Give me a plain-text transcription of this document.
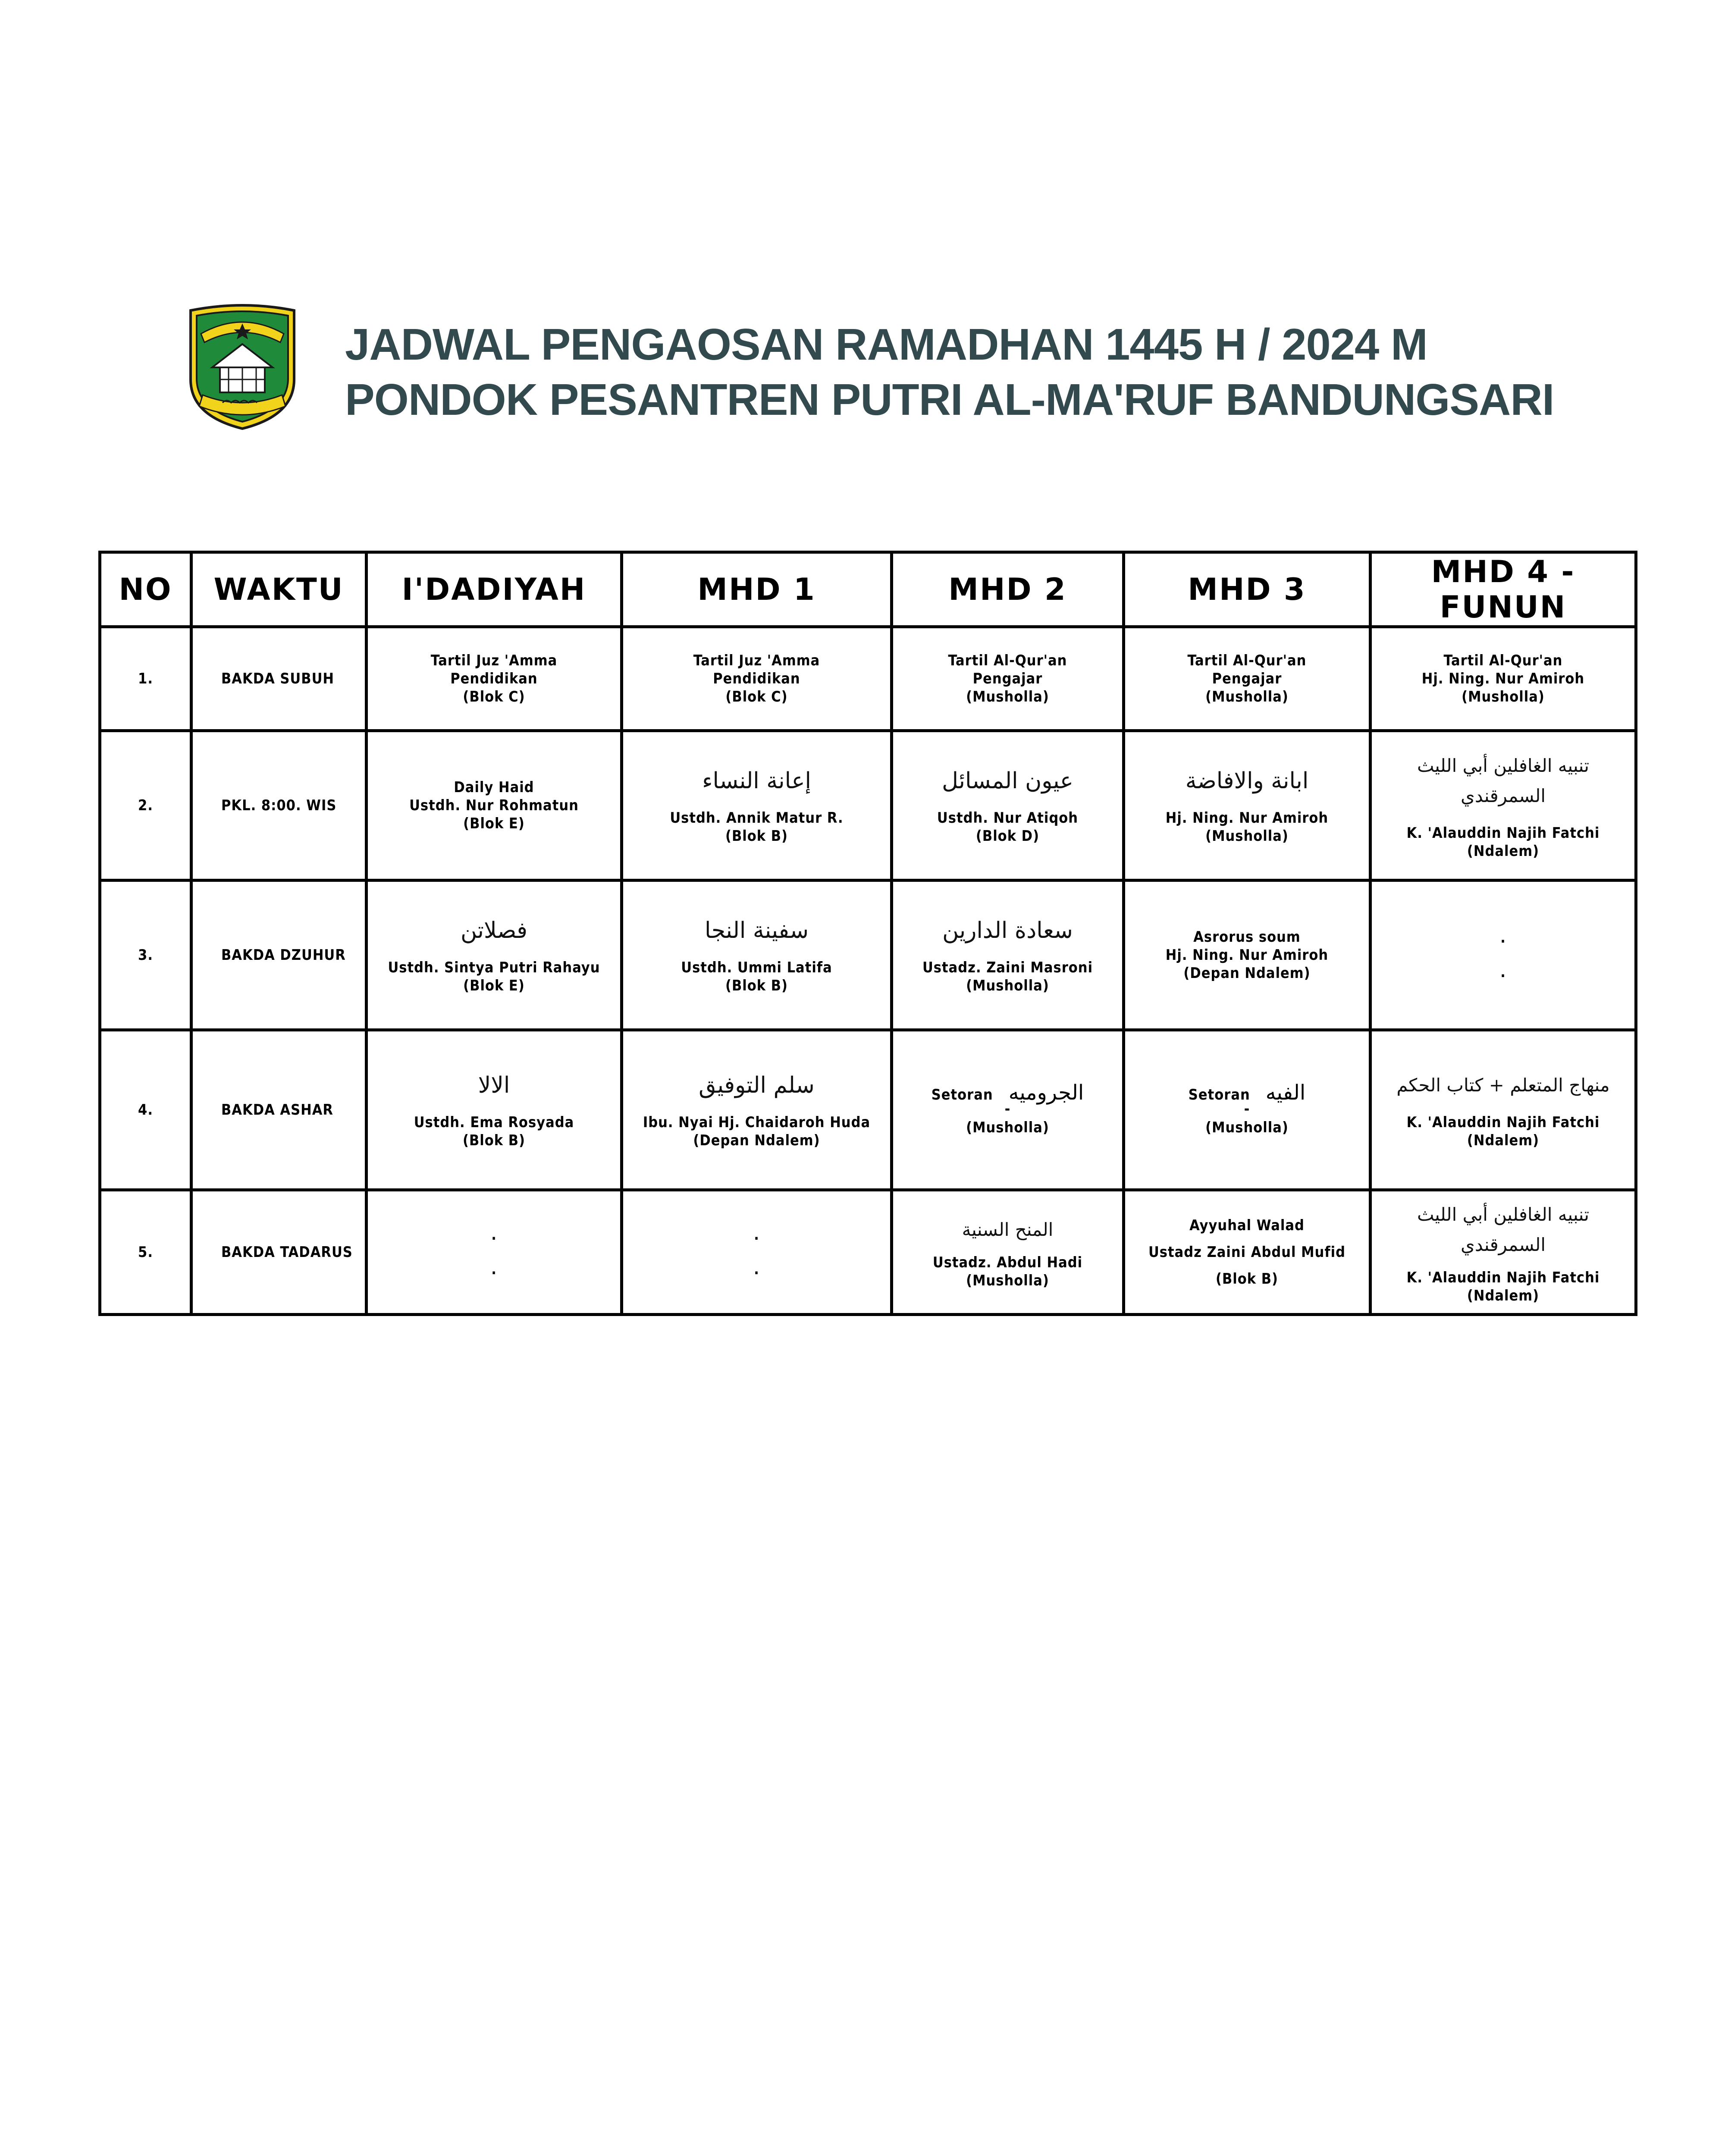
JADWAL PENGAOSAN RAMADHAN 1445 H / 2024 M
PONDOK PESANTREN PUTRI AL-MA'RUF BANDUNGSARI
NO	WAKTU	I'DADIYAH	MHD 1	MHD 2	MHD 3	MHD 4 - FUNUN
1.	BAKDA SUBUH	Tartil Juz 'Amma
Pendidikan
(Blok C)	Tartil Juz 'Amma
Pendidikan
(Blok C)	Tartil Al-Qur'an
Pengajar
(Musholla)	Tartil Al-Qur'an
Pengajar
(Musholla)	Tartil Al-Qur'an
Hj. Ning. Nur Amiroh
(Musholla)

2.	PKL. 8:00. WIS	Daily Haid
Ustdh. Nur Rohmatun
(Blok E)	إعانة النساء
Ustdh. Annik Matur R.
(Blok B)	عيون المسائل
Ustdh. Nur Atiqoh
(Blok D)	ابانة والافاضة
Hj. Ning. Nur Amiroh
(Musholla)	تنبيه الغافلين أبي الليث السمرقندي
K. 'Alauddin Najih Fatchi
(Ndalem)

3.	BAKDA DZUHUR	فصلاتن
Ustdh. Sintya Putri Rahayu
(Blok E)	سفينة النجا
Ustdh. Ummi Latifa
(Blok B)	سعادة الدارين
Ustadz. Zaini Masroni
(Musholla)	Asrorus soum
Hj. Ning. Nur Amiroh
(Depan Ndalem)	.
.

4.	BAKDA ASHAR	الالا
Ustdh. Ema Rosyada
(Blok B)	سلم التوفيق
Ibu. Nyai Hj. Chaidaroh Huda
(Depan Ndalem)	Setoran الجروميه
-
(Musholla)	Setoran الفيه
-
(Musholla)	منهاج المتعلم + كتاب الحكم
K. 'Alauddin Najih Fatchi
(Ndalem)

5.	BAKDA TADARUS	.
.	.
.	المنح السنية
Ustadz. Abdul Hadi
(Musholla)	Ayyuhal Walad
Ustadz Zaini Abdul Mufid
(Blok B)	تنبيه الغافلين أبي الليث السمرقندي
K. 'Alauddin Najih Fatchi
(Ndalem)
